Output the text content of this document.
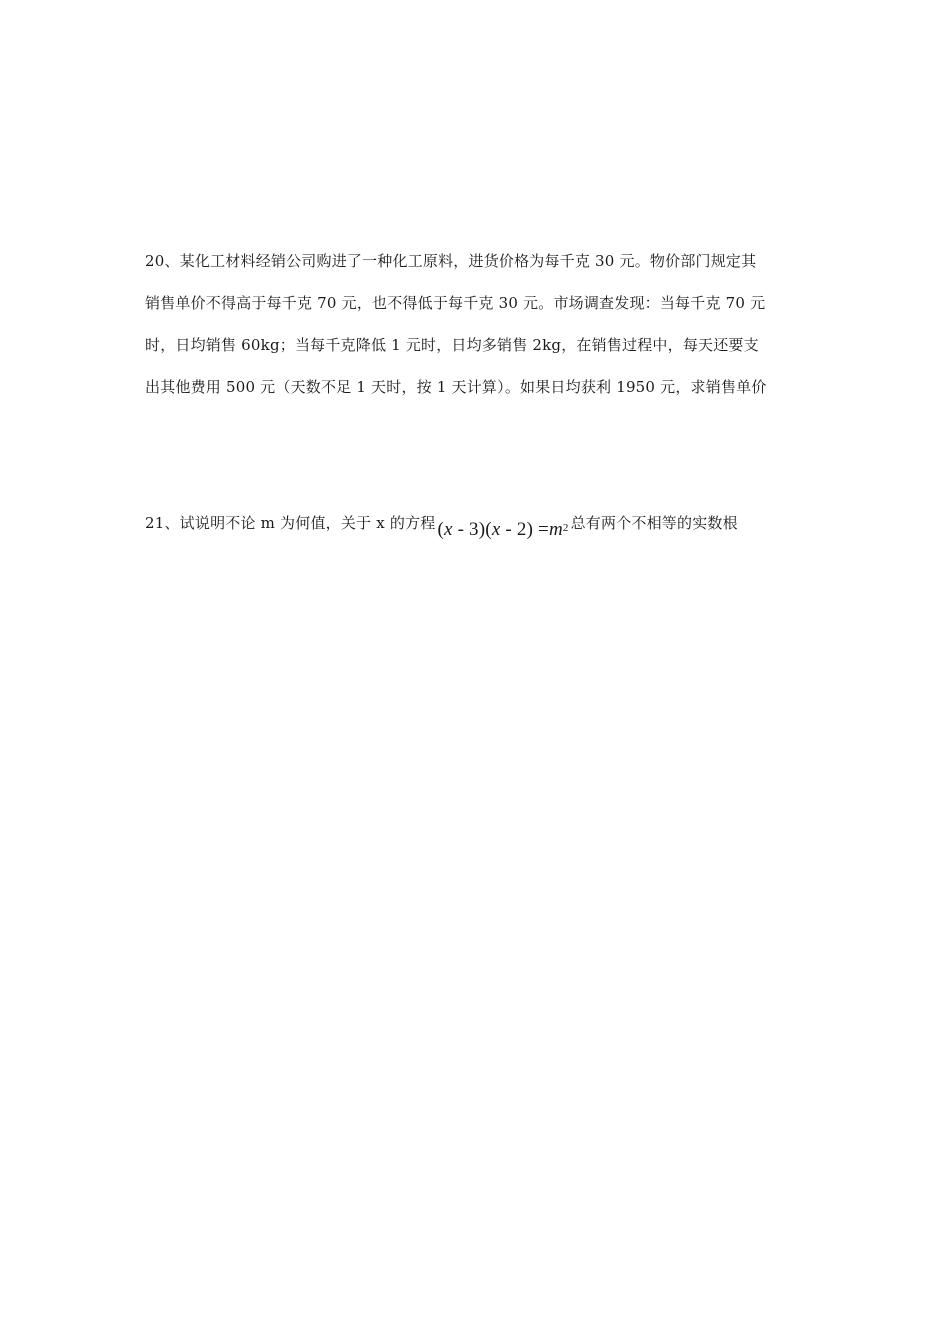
20、某化工材料经销公司购进了一种化工原料，进货价格为每千克 30 元。物价部门规定其
销售单价不得高于每千克 70 元，也不得低于每千克 30 元。市场调查发现：当每千克 70 元
时，日均销售 60kg；当每千克降低 1 元时，日均多销售 2kg，在销售过程中，每天还要支
出其他费用 500 元（天数不足 1 天时，按 1 天计算）。如果日均获利 1950 元，求销售单价
21、试说明不论 m 为何值，关于 x 的方程 $(x - 3)(x - 2) =m^2$ 总有两个不相等的实数根
